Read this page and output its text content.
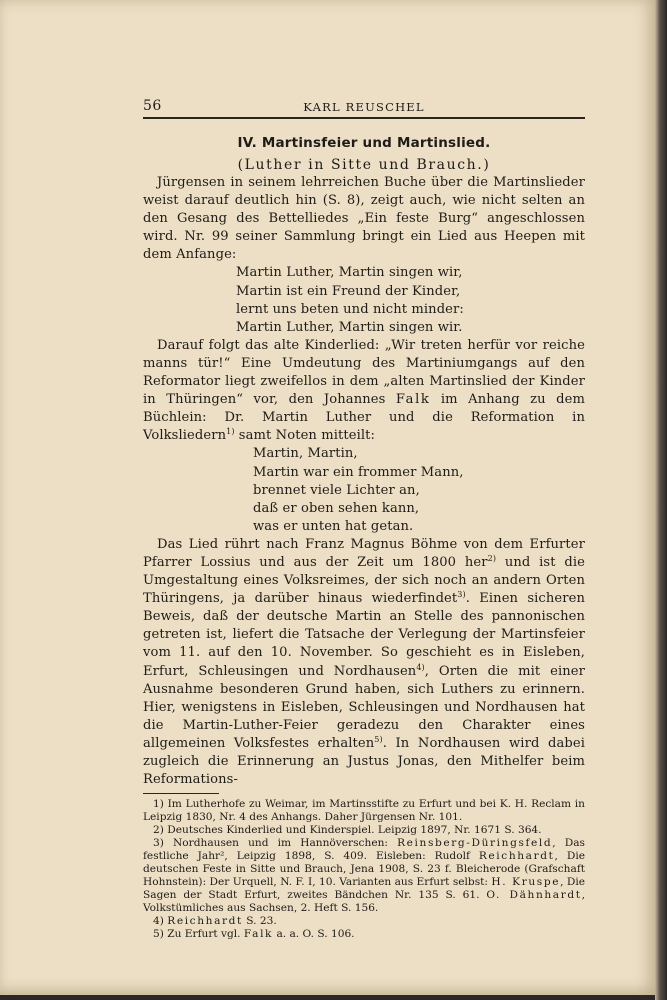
56	KARL REUSCHEL
IV. Martinsfeier und Martinslied.
(Luther in Sitte und Brauch.)

Jürgensen in seinem lehrreichen Buche über die Martinslieder weist darauf deutlich hin (S. 8), zeigt auch, wie nicht selten an den Gesang des Bettelliedes „Ein feste Burg“ angeschlossen wird. Nr. 99 seiner Sammlung bringt ein Lied aus Heepen mit dem Anfange:

Martin Luther, Martin singen wir,
Martin ist ein Freund der Kinder,
lernt uns beten und nicht minder:
Martin Luther, Martin singen wir.

Darauf folgt das alte Kinderlied: „Wir treten herfür vor reiche manns tür!“ Eine Umdeutung des Martiniumgangs auf den Reformator liegt zweifellos in dem „alten Martinslied der Kinder in Thüringen“ vor, den Johannes Falk im Anhang zu dem Büchlein: Dr. Martin Luther und die Reformation in Volksliedern$^{1)}$ samt Noten mitteilt:

Martin, Martin,
Martin war ein frommer Mann,
brennet viele Lichter an,
daß er oben sehen kann,
was er unten hat getan.

Das Lied rührt nach Franz Magnus Böhme von dem Erfurter Pfarrer Lossius und aus der Zeit um 1800 her$^{2)}$ und ist die Umgestaltung eines Volksreimes, der sich noch an andern Orten Thüringens, ja darüber hinaus wiederfindet$^{3)}$. Einen sicheren Beweis, daß der deutsche Martin an Stelle des pannonischen getreten ist, liefert die Tatsache der Verlegung der Martinsfeier vom 11. auf den 10. November. So geschieht es in Eisleben, Erfurt, Schleusingen und Nordhausen$^{4)}$, Orten die mit einer Ausnahme besonderen Grund haben, sich Luthers zu erinnern. Hier, wenigstens in Eisleben, Schleusingen und Nordhausen hat die Martin-Luther-Feier geradezu den Charakter eines allgemeinen Volksfestes erhalten$^{5)}$. In Nordhausen wird dabei zugleich die Erinnerung an Justus Jonas, den Mithelfer beim Reformations-

1) Im Lutherhofe zu Weimar, im Martinsstifte zu Erfurt und bei K. H. Reclam in Leipzig 1830, Nr. 4 des Anhangs. Daher Jürgensen Nr. 101.

2) Deutsches Kinderlied und Kinderspiel. Leipzig 1897, Nr. 1671 S. 364.

3) Nordhausen und im Hannöverschen: Reinsberg-Düringsfeld, Das festliche Jahr², Leipzig 1898, S. 409. Eisleben: Rudolf Reichhardt, Die deutschen Feste in Sitte und Brauch, Jena 1908, S. 23 f. Bleicherode (Grafschaft Hohnstein): Der Urquell, N. F. I, 10. Varianten aus Erfurt selbst: H. Kruspe, Die Sagen der Stadt Erfurt, zweites Bändchen Nr. 135 S. 61. O. Dähnhardt, Volkstümliches aus Sachsen, 2. Heft S. 156.

4) Reichhardt S. 23.

5) Zu Erfurt vgl. Falk a. a. O. S. 106.
